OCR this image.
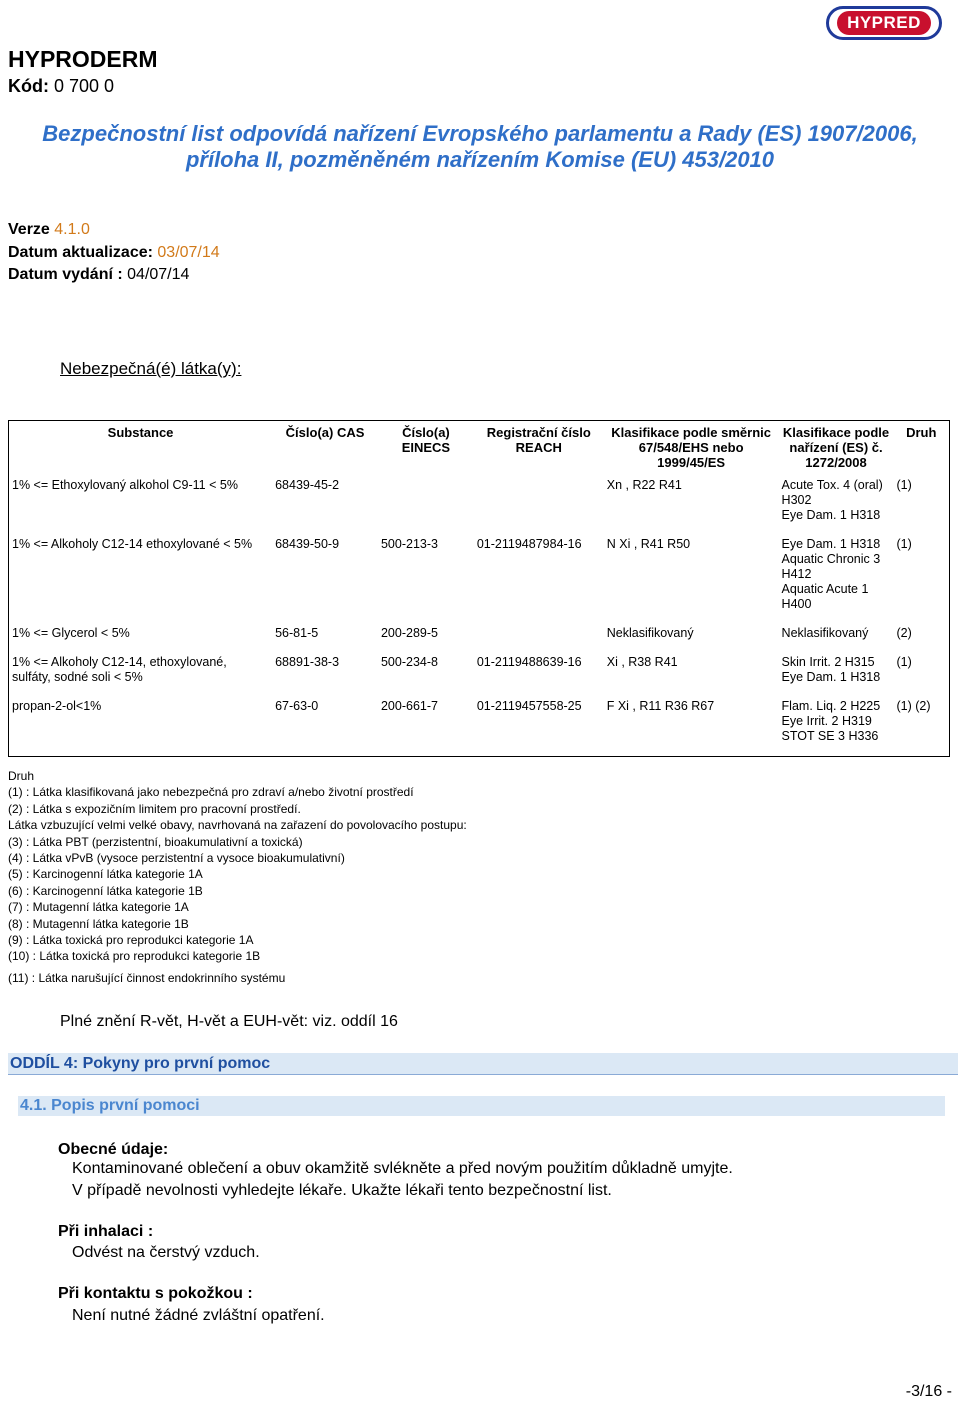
HYPRED
HYPRODERM
Kód: 0 700 0
Bezpečnostní list odpovídá nařízení Evropského parlamentu a Rady (ES) 1907/2006,
příloha II, pozměněném nařízením Komise (EU) 453/2010
Verze 4.1.0
Datum aktualizace: 03/07/14
Datum vydání : 04/07/14
Nebezpečná(é) látka(y):
Substance	Číslo(a) CAS	Číslo(a) EINECS	Registrační číslo REACH	Klasifikace podle směrnic 67/548/EHS nebo 1999/45/ES	Klasifikace podle nařízení (ES) č. 1272/2008	Druh
1% <= Ethoxylovaný alkohol C9-11 < 5%	68439-45-2			Xn , R22 R41	Acute Tox. 4 (oral)
H302
Eye Dam. 1 H318	(1)
1% <= Alkoholy C12-14 ethoxylované < 5%	68439-50-9	500-213-3	01-2119487984-16	N Xi , R41 R50	Eye Dam. 1 H318
Aquatic Chronic 3
H412
Aquatic Acute 1
H400	(1)
1% <= Glycerol < 5%	56-81-5	200-289-5		Neklasifikovaný	Neklasifikovaný	(2)
1% <= Alkoholy C12-14, ethoxylované,
sulfáty, sodné soli < 5%	68891-38-3	500-234-8	01-2119488639-16	Xi , R38 R41	Skin Irrit. 2 H315
Eye Dam. 1 H318	(1)
propan-2-ol<1%	67-63-0	200-661-7	01-2119457558-25	F Xi , R11 R36 R67	Flam. Liq. 2 H225
Eye Irrit. 2 H319
STOT SE 3 H336	(1) (2)
Druh
(1) : Látka klasifikovaná jako nebezpečná pro zdraví a/nebo životní prostředí
(2) : Látka s expozičním limitem pro pracovní prostředí.
Látka vzbuzující velmi velké obavy, navrhovaná na zařazení do povolovacího postupu:
(3) : Látka PBT (perzistentní, bioakumulativní a toxická)
(4) : Látka vPvB (vysoce perzistentní a vysoce bioakumulativní)
(5) : Karcinogenní látka kategorie 1A
(6) : Karcinogenní látka kategorie 1B
(7) : Mutagenní látka kategorie 1A
(8) : Mutagenní látka kategorie 1B
(9) : Látka toxická pro reprodukci kategorie 1A
(10) : Látka toxická pro reprodukci kategorie 1B
(11) : Látka narušující činnost endokrinního systému
Plné znění R-vět, H-vět a EUH-vět: viz. oddíl 16
ODDÍL 4: Pokyny pro první pomoc
4.1. Popis první pomoci
Obecné údaje:
Kontaminované oblečení a obuv okamžitě svlékněte a před novým použitím důkladně umyjte.
V případě nevolnosti vyhledejte lékaře. Ukažte lékaři tento bezpečnostní list.
Při inhalaci :
Odvést na čerstvý vzduch.
Při kontaktu s pokožkou :
Není nutné žádné zvláštní opatření.
-3/16 -
